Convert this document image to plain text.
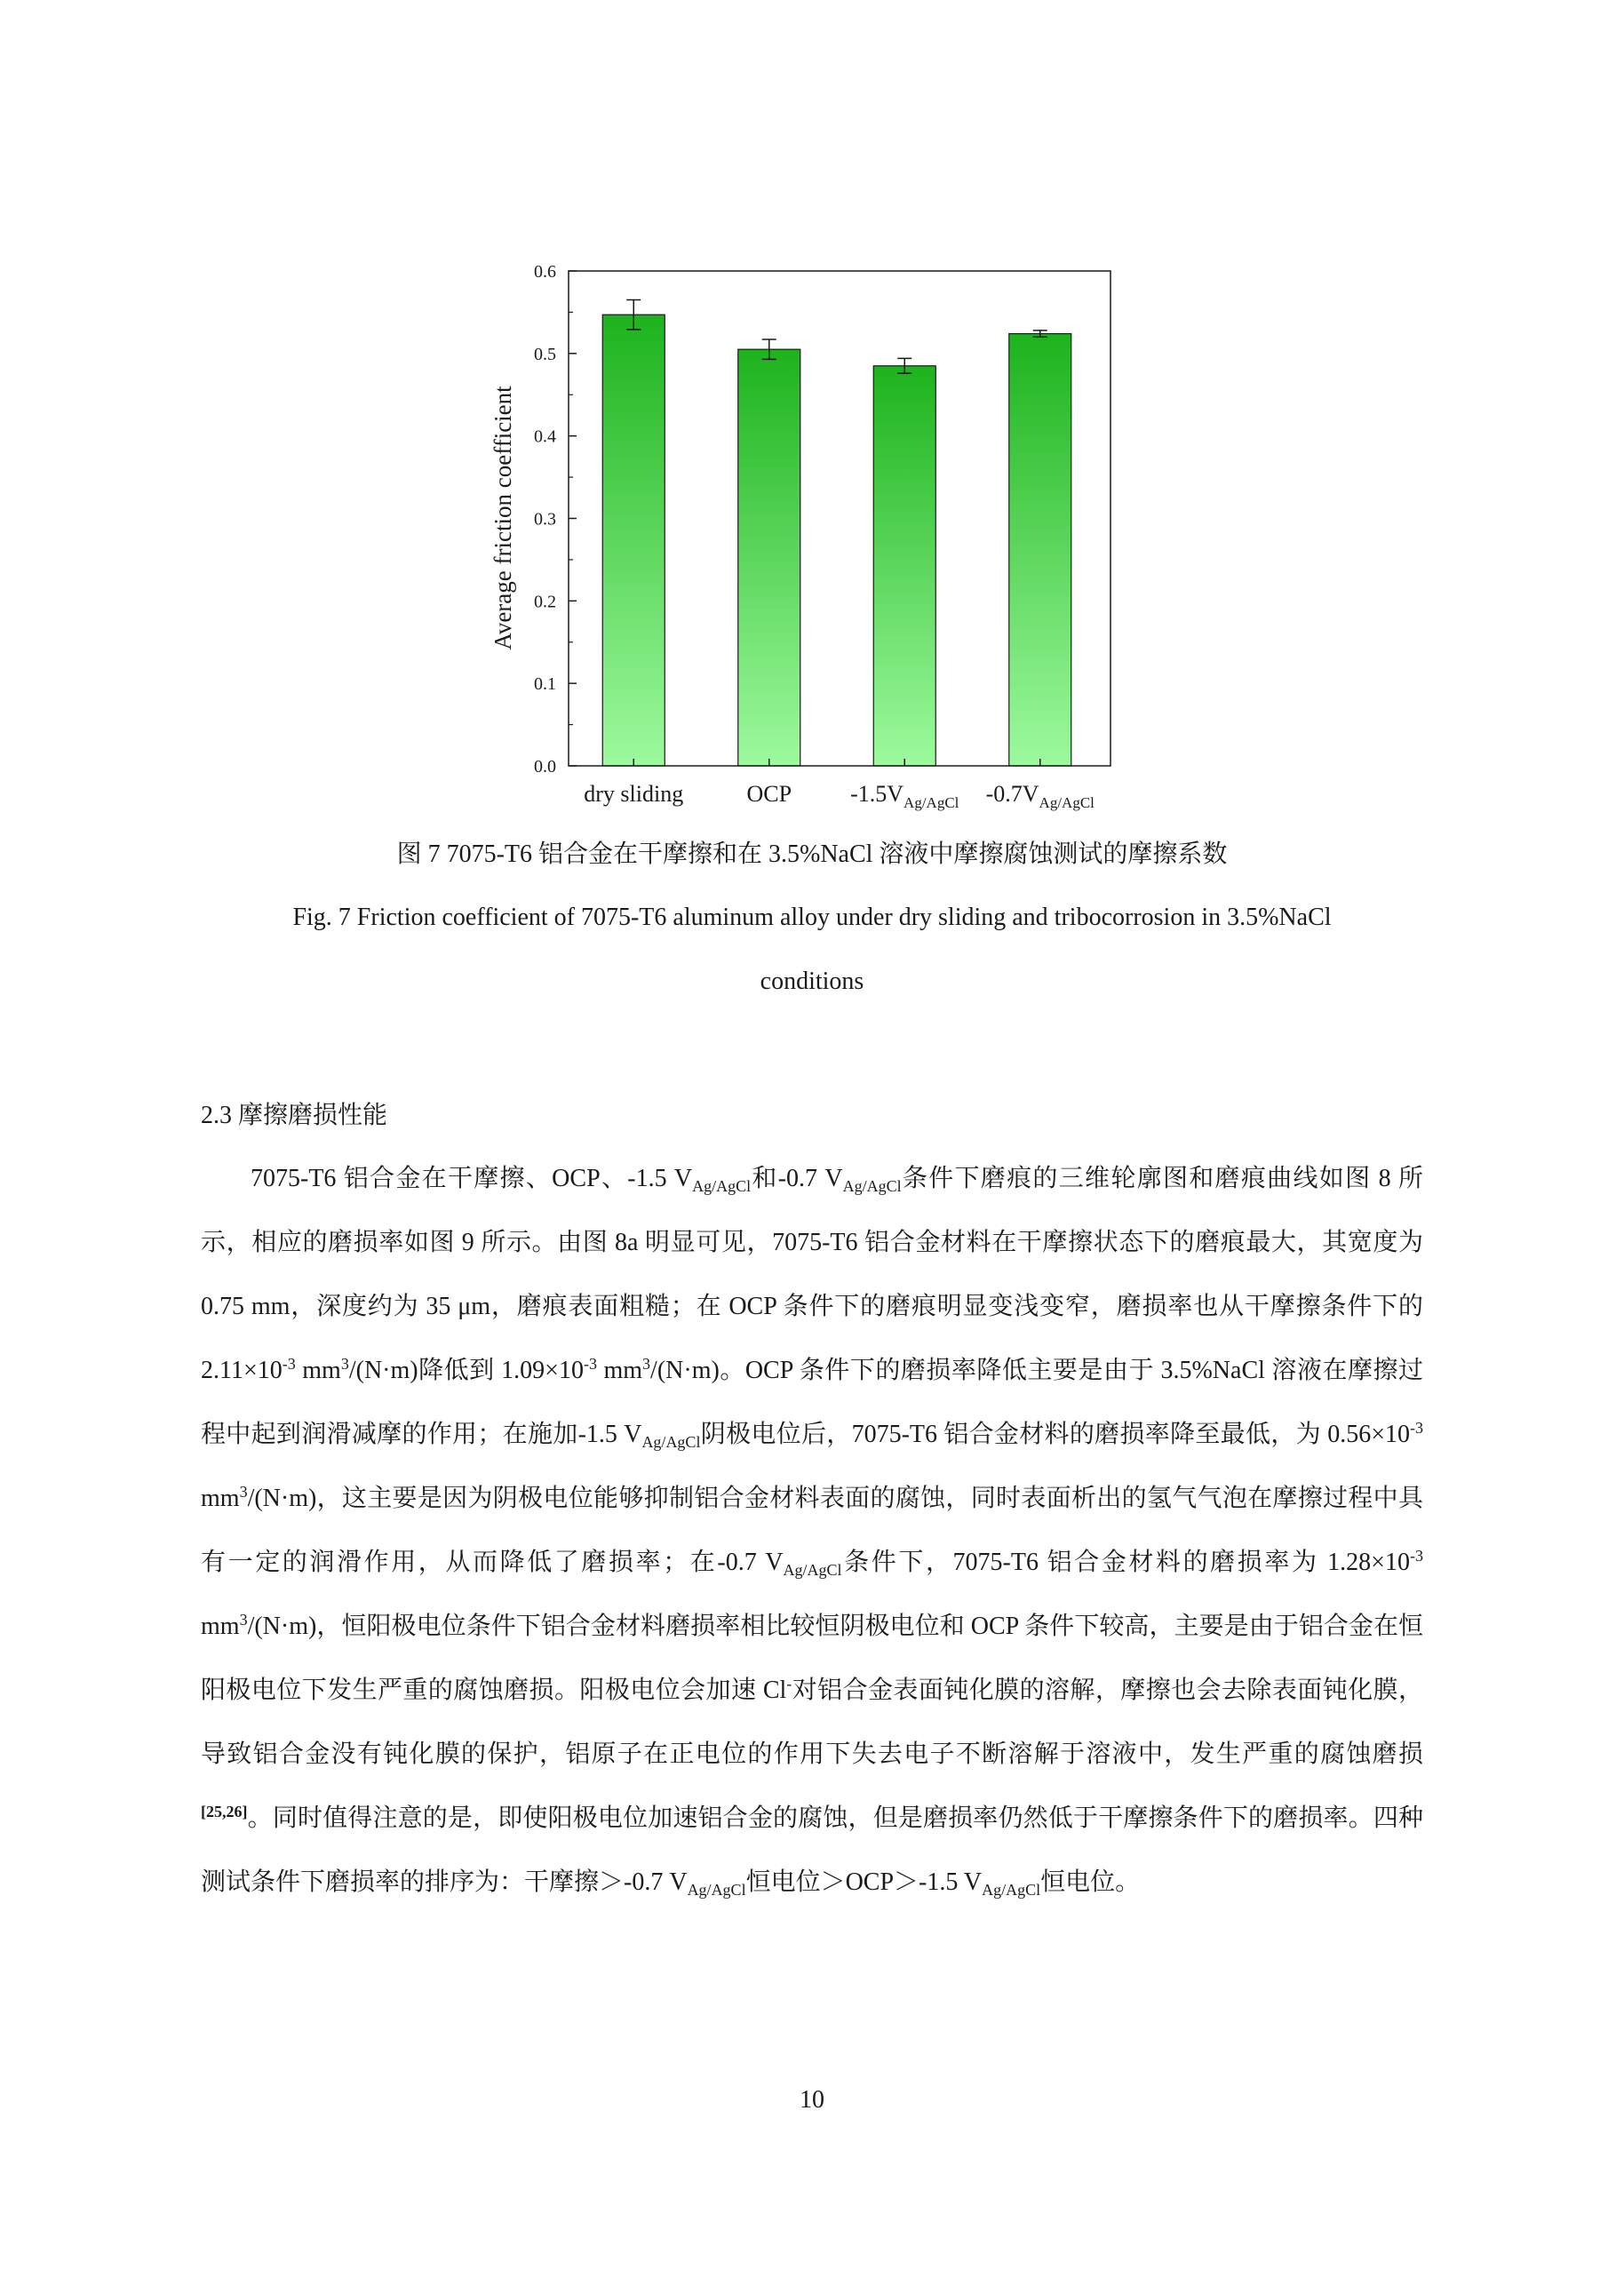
0.0
0.1
0.2
0.3
0.4
0.5
0.6
dry sliding	OCP	$-1.5V_{Ag/AgCl}$ $-0.7V_{Ag/AgCl}$
Average friction coefficient
图 7 7075-T6 铝合金在干摩擦和在 3.5%NaCl 溶液中摩擦腐蚀测试的摩擦系数
Fig. 7 Friction coefficient of 7075-T6 aluminum alloy under dry sliding and tribocorrosion in 3.5%NaCl
conditions
2.3 摩擦磨损性能

7075-T6 铝合金在干摩擦、OCP、-1.5 $V_{Ag/AgCl}$和-0.7 $V_{Ag/AgCl}$条件下磨痕的三维轮廓图和磨痕曲线如图 8 所示，相应的磨损率如图 9 所示。由图 8a 明显可见，7075-T6 铝合金材料在干摩擦状态下的磨痕最大，其宽度为 0.75 mm，深度约为 35 μm，磨痕表面粗糙；在 OCP 条件下的磨痕明显变浅变窄，磨损率也从干摩擦条件下的 $2.11\times 10^{-3}$ $mm^3/(N\cdot m)$降低到 $1.09\times 10^{-3}$ $mm^3/(N\cdot m)$。OCP 条件下的磨损率降低主要是由于 3.5%NaCl 溶液在摩擦过程中起到润滑减摩的作用；在施加-1.5 $V_{Ag/AgCl}$阴极电位后，7075-T6 铝合金材料的磨损率降至最低，为 $0.56\times 10^{-3}$ $mm^3/(N\cdot m)$，这主要是因为阴极电位能够抑制铝合金材料表面的腐蚀，同时表面析出的氢气气泡在摩擦过程中具有一定的润滑作用，从而降低了磨损率；在-0.7 $V_{Ag/AgCl}$条件下，7075-T6 铝合金材料的磨损率为 $1.28\times 10^{-3}$ $mm^3/(N\cdot m)$，恒阳极电位条件下铝合金材料磨损率相比较恒阴极电位和 OCP 条件下较高，主要是由于铝合金在恒阳极电位下发生严重的腐蚀磨损。阳极电位会加速 Cl-对铝合金表面钝化膜的溶解，摩擦也会去除表面钝化膜，导致铝合金没有钝化膜的保护，铝原子在正电位的作用下失去电子不断溶解于溶液中，发生严重的腐蚀磨损[25,26]。同时值得注意的是，即使阳极电位加速铝合金的腐蚀，但是磨损率仍然低于干摩擦条件下的磨损率。四种测试条件下磨损率的排序为：干摩擦＞-0.7 $V_{Ag/AgCl}$恒电位＞OCP＞-1.5 $V_{Ag/AgCl}$恒电位。

10
